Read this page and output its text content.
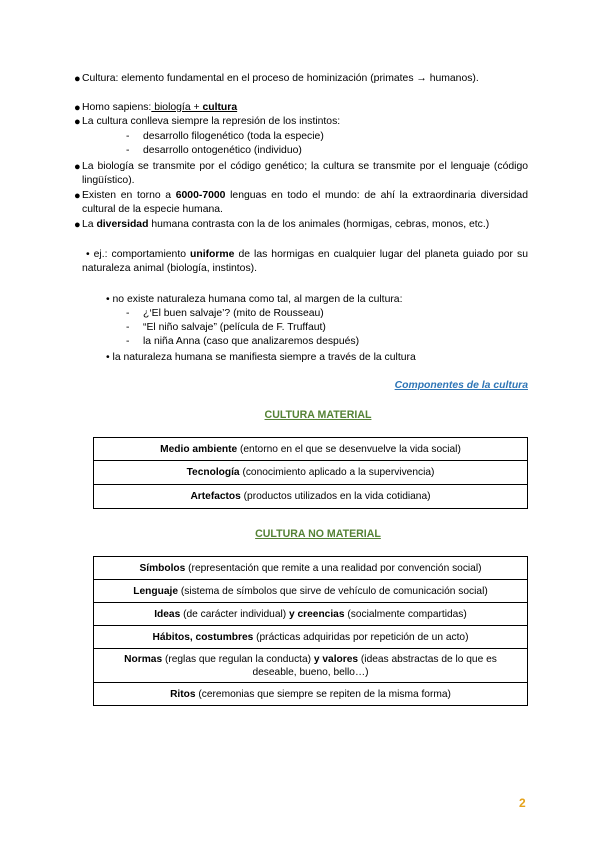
● Cultura: elemento fundamental en el proceso de hominización (primates → humanos).
● Homo sapiens: biología + cultura
● La cultura conlleva siempre la represión de los instintos:
- desarrollo filogenético (toda la especie)
- desarrollo ontogenético (individuo)
● La biología se transmite por el código genético; la cultura se transmite por el lenguaje (código lingüístico).
● Existen en torno a 6000-7000 lenguas en todo el mundo: de ahí la extraordinaria diversidad cultural de la especie humana.
● La diversidad humana contrasta con la de los animales (hormigas, cebras, monos, etc.)
• ej.: comportamiento uniforme de las hormigas en cualquier lugar del planeta guiado por su naturaleza animal (biología, instintos).
• no existe naturaleza humana como tal, al margen de la cultura:
- ¿‘El buen salvaje’? (mito de Rousseau)
- “El niño salvaje” (película de F. Truffaut)
- la niña Anna (caso que analizaremos después)
• la naturaleza humana se manifiesta siempre a través de la cultura
Componentes de la cultura
CULTURA MATERIAL
Medio ambiente (entorno en el que se desenvuelve la vida social)
Tecnología (conocimiento aplicado a la supervivencia)
Artefactos (productos utilizados en la vida cotidiana)
CULTURA NO MATERIAL
Símbolos (representación que remite a una realidad por convención social)
Lenguaje (sistema de símbolos que sirve de vehículo de comunicación social)
Ideas (de carácter individual) y creencias (socialmente compartidas)
Hábitos, costumbres (prácticas adquiridas por repetición de un acto)
Normas (reglas que regulan la conducta) y valores (ideas abstractas de lo que es deseable, bueno, bello…)
Ritos (ceremonias que siempre se repiten de la misma forma)
2
